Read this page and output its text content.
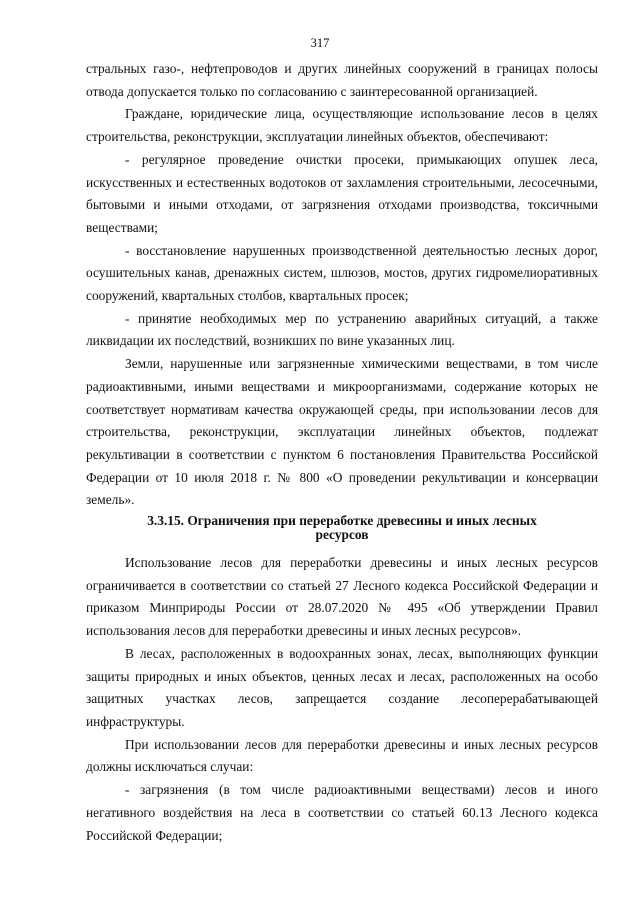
317

стральных газо-, нефтепроводов и других линейных сооружений в границах полосы отвода допускается только по согласованию с заинтересованной организацией.

Граждане, юридические лица, осуществляющие использование лесов в целях строительства, реконструкции, эксплуатации линейных объектов, обеспечивают:

- регулярное проведение очистки просеки, примыкающих опушек леса, искусственных и естественных водотоков от захламления строительными, лесосечными, бытовыми и иными отходами, от загрязнения отходами производства, токсичными веществами;

- восстановление нарушенных производственной деятельностью лесных дорог, осушительных канав, дренажных систем, шлюзов, мостов, других гидромелиоративных сооружений, квартальных столбов, квартальных просек;

- принятие необходимых мер по устранению аварийных ситуаций, а также ликвидации их последствий, возникших по вине указанных лиц.

Земли, нарушенные или загрязненные химическими веществами, в том числе радиоактивными, иными веществами и микроорганизмами, содержание которых не соответствует нормативам качества окружающей среды, при использовании лесов для строительства, реконструкции, эксплуатации линейных объектов, подлежат рекультивации в соответствии с пунктом 6 постановления Правительства Российской Федерации от 10 июля 2018 г. № 800 «О проведении рекультивации и консервации земель».

3.3.15. Ограничения при переработке древесины и иных лесных
ресурсов

Использование лесов для переработки древесины и иных лесных ресурсов ограничивается в соответствии со статьей 27 Лесного кодекса Российской Федерации и приказом Минприроды России от 28.07.2020 № 495 «Об утверждении Правил использования лесов для переработки древесины и иных лесных ресурсов».

В лесах, расположенных в водоохранных зонах, лесах, выполняющих функции защиты природных и иных объектов, ценных лесах и лесах, расположенных на особо защитных участках лесов, запрещается создание лесоперерабатывающей инфраструктуры.

При использовании лесов для переработки древесины и иных лесных ресурсов должны исключаться случаи:

- загрязнения (в том числе радиоактивными веществами) лесов и иного негативного воздействия на леса в соответствии со статьей 60.13 Лесного кодекса Российской Федерации;
